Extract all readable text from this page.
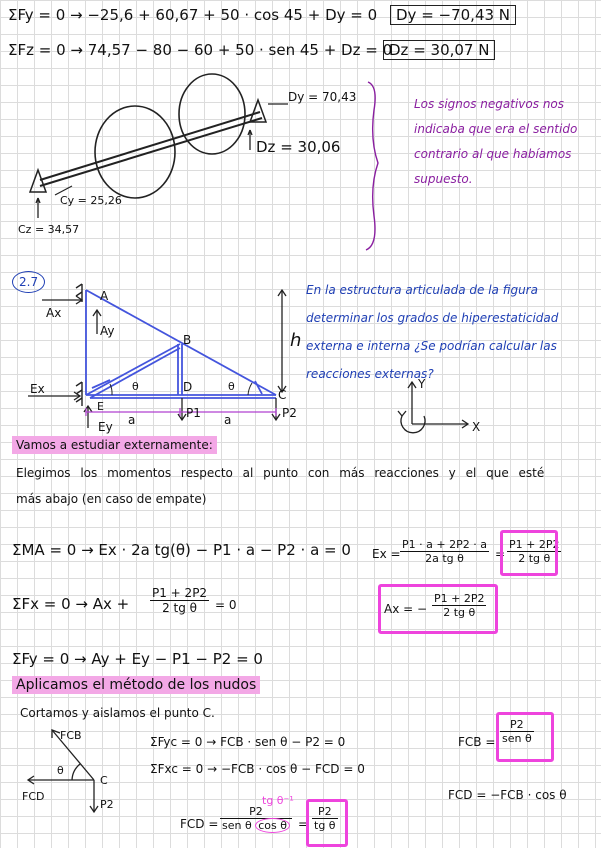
ΣFy = 0 → −25,6 + 60,67 + 50 · cos 45 + Dy = 0	Dy = −70,43 N
ΣFz = 0 → 74,57 − 80 − 60 + 50 · sen 45 + Dz = 0
Dz = 30,07 N
Dy = 70,43
Dz = 30,06
Cy = 25,26
Cz = 34,57
Los signos negativos nos indicaba que era el sentido contrario al que habíamos supuesto.
2.7
En la estructura articulada de la figura determinar los grados de hiperestaticidad externa e interna ¿Se podrían calcular las reacciones externas?
A
B
C
D
E
Ax
Ay
Ex
Ey
P1	P2
θ	θ
a	a
h
Y
X
Vamos a estudiar externamente:
Elegimos los momentos respecto al punto con más reacciones y el que esté
más abajo (en caso de empate)
ΣMA = 0 → Ex · 2a tg(θ) − P1 · a − P2 · a = 0 $Ex = \frac{P1 \cdot a + 2P2 \cdot a}{\text{2a tg θ}} = \frac{P1 + 2P2}{\text{2 tg θ}}$
$\Sigma Fx = 0 \to Ax + \frac{P1 + 2P2}{\text{2 tg θ}} = 0$	Ax = − $\frac{P1 + 2P2}{\text{2 tg θ}}$
ΣFy = 0 → Ay + Ey − P1 − P2 = 0
Aplicamos el método de los nudos
Cortamos y aislamos el punto C.
FCB
FCD
C
P2
θ
ΣFyc = 0 → FCB · sen θ − P2 = 0	FCB =
P2
sen θ
ΣFxc = 0 → −FCB · cos θ − FCD = 0
FCD = −FCB · cos θ
tg θ⁻¹
FCD =
P2
sen θ $\cos \theta = \frac{P2}{\text{tg θ}}$
